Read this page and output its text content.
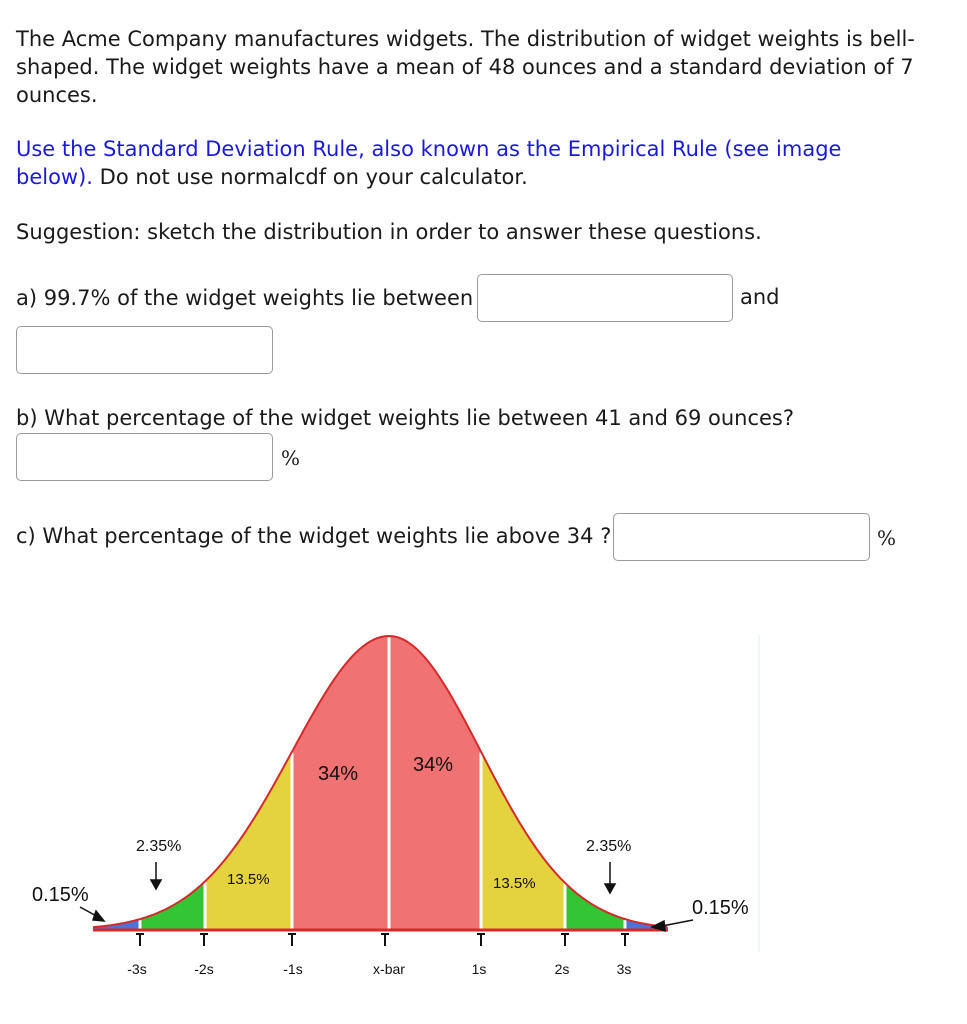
The Acme Company manufactures widgets. The distribution of widget weights is bell-

shaped. The widget weights have a mean of 48 ounces and a standard deviation of 7

ounces.

Use the Standard Deviation Rule, also known as the Empirical Rule (see image

below). Do not use normalcdf on your calculator.

Suggestion: sketch the distribution in order to answer these questions.

a) 99.7% of the widget weights lie between	and

b) What percentage of the widget weights lie between 41 and 69 ounces?

%

c) What percentage of the widget weights lie above 34 ?	%
34%	34%
13.5%	13.5%
2.35%	2.35%
0.15%
0.15%
-3s	-2s	-1s	x-bar	1s	2s	3s
